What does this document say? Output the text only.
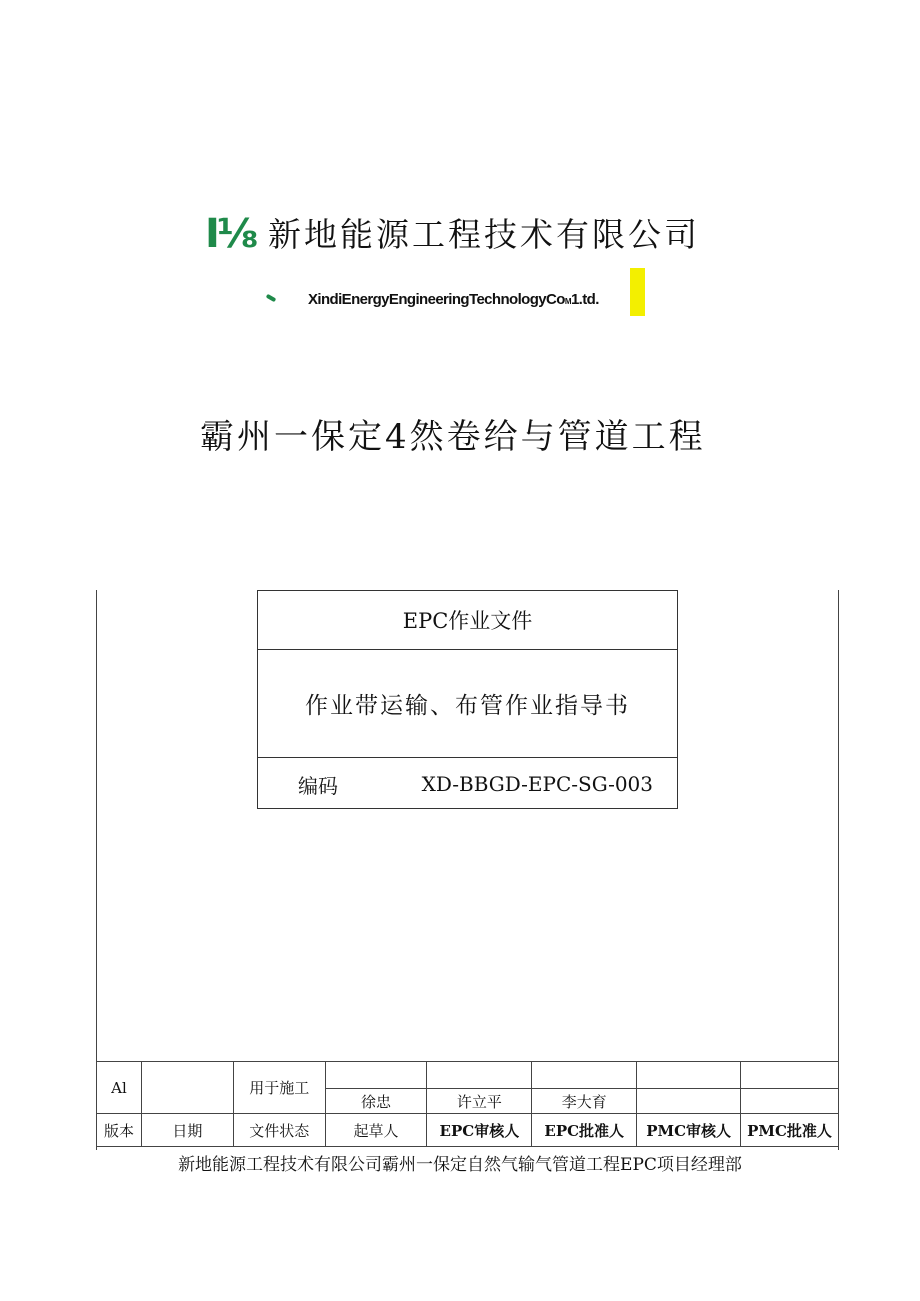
I⅛ 新地能源工程技术有限公司
XindiEnergyEngineeringTechnologyCoM1.td.
霸州一保定4然卷给与管道工程
EPC作业文件
作业带运输、布管作业指导书
编码	XD-BBGD-EPC-SG-003
Al		用于施工					
			徐忠	许立平	李大育		
版本	日期	文件状态	起草人	EPC审核人	EPC批准人	PMC审核人	PMC批准人
新地能源工程技术有限公司霸州一保定自然气输气管道工程EPC项目经理部
